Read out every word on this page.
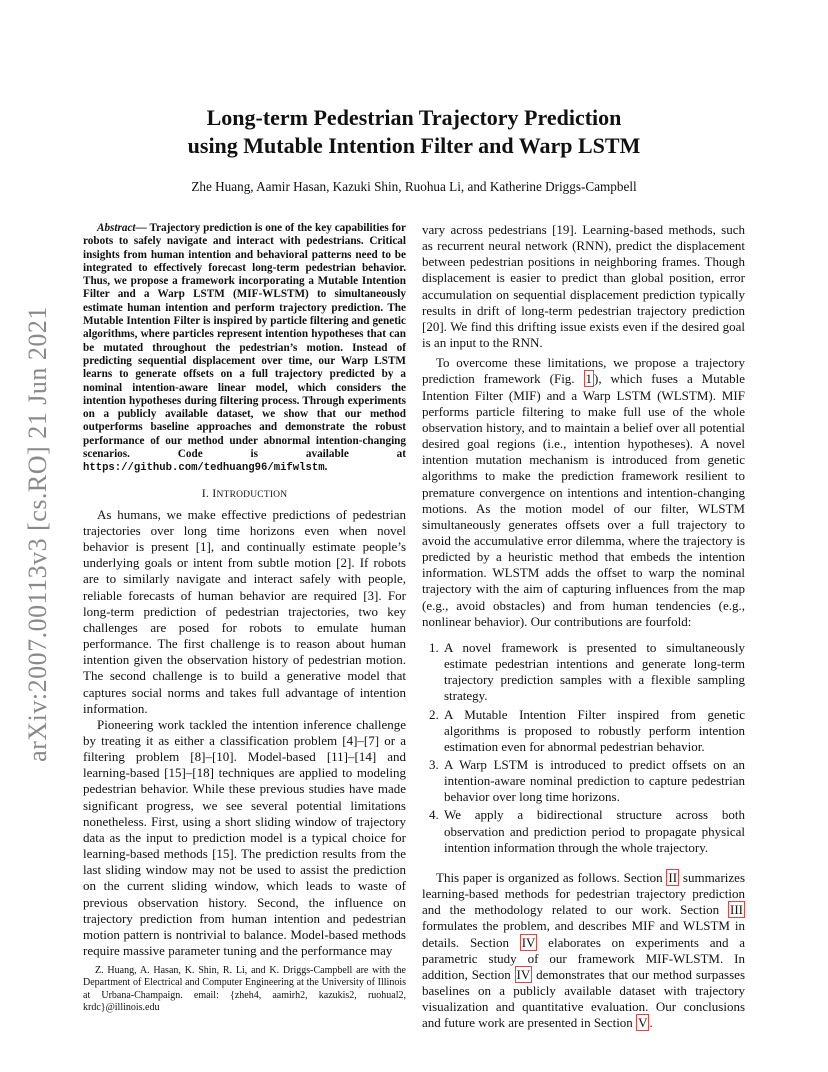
arXiv:2007.00113v3 [cs.RO] 21 Jun 2021
Long-term Pedestrian Trajectory Prediction
using Mutable Intention Filter and Warp LSTM
Zhe Huang, Aamir Hasan, Kazuki Shin, Ruohua Li, and Katherine Driggs-Campbell

Abstract— Trajectory prediction is one of the key capabilities for robots to safely navigate and interact with pedestrians. Critical insights from human intention and behavioral patterns need to be integrated to effectively forecast long-term pedestrian behavior. Thus, we propose a framework incorporating a Mutable Intention Filter and a Warp LSTM (MIF-WLSTM) to simultaneously estimate human intention and perform trajectory prediction. The Mutable Intention Filter is inspired by particle filtering and genetic algorithms, where particles represent intention hypotheses that can be mutated throughout the pedestrian’s motion. Instead of predicting sequential displacement over time, our Warp LSTM learns to generate offsets on a full trajectory predicted by a nominal intention-aware linear model, which considers the intention hypotheses during filtering process. Through experiments on a publicly available dataset, we show that our method outperforms baseline approaches and demonstrate the robust performance of our method under abnormal intention-changing scenarios. Code is available at https://github.com/tedhuang96/mifwlstm.

I. INTRODUCTION

As humans, we make effective predictions of pedestrian trajectories over long time horizons even when novel behavior is present [1], and continually estimate people’s underlying goals or intent from subtle motion [2]. If robots are to similarly navigate and interact safely with people, reliable forecasts of human behavior are required [3]. For long-term prediction of pedestrian trajectories, two key challenges are posed for robots to emulate human performance. The first challenge is to reason about human intention given the observation history of pedestrian motion. The second challenge is to build a generative model that captures social norms and takes full advantage of intention information.

Pioneering work tackled the intention inference challenge by treating it as either a classification problem [4]–[7] or a filtering problem [8]–[10]. Model-based [11]–[14] and learning-based [15]–[18] techniques are applied to modeling pedestrian behavior. While these previous studies have made significant progress, we see several potential limitations nonetheless. First, using a short sliding window of trajectory data as the input to prediction model is a typical choice for learning-based methods [15]. The prediction results from the last sliding window may not be used to assist the prediction on the current sliding window, which leads to waste of previous observation history. Second, the influence on trajectory prediction from human intention and pedestrian motion pattern is nontrivial to balance. Model-based methods require massive parameter tuning and the performance may

Z. Huang, A. Hasan, K. Shin, R. Li, and K. Driggs-Campbell are with the Department of Electrical and Computer Engineering at the University of Illinois at Urbana-Champaign. email: {zheh4, aamirh2, kazukis2, ruohual2, krdc}@illinois.edu

vary across pedestrians [19]. Learning-based methods, such as recurrent neural network (RNN), predict the displacement between pedestrian positions in neighboring frames. Though displacement is easier to predict than global position, error accumulation on sequential displacement prediction typically results in drift of long-term pedestrian trajectory prediction [20]. We find this drifting issue exists even if the desired goal is an input to the RNN.

To overcome these limitations, we propose a trajectory prediction framework (Fig. 1 ), which fuses a Mutable Intention Filter (MIF) and a Warp LSTM (WLSTM). MIF performs particle filtering to make full use of the whole observation history, and to maintain a belief over all potential desired goal regions (i.e., intention hypotheses). A novel intention mutation mechanism is introduced from genetic algorithms to make the prediction framework resilient to premature convergence on intentions and intention-changing motions. As the motion model of our filter, WLSTM simultaneously generates offsets over a full trajectory to avoid the accumulative error dilemma, where the trajectory is predicted by a heuristic method that embeds the intention information. WLSTM adds the offset to warp the nominal trajectory with the aim of capturing influences from the map (e.g., avoid obstacles) and from human tendencies (e.g., nonlinear behavior). Our contributions are fourfold:

1. A novel framework is presented to simultaneously estimate pedestrian intentions and generate long-term trajectory prediction samples with a flexible sampling strategy.
2. A Mutable Intention Filter inspired from genetic algorithms is proposed to robustly perform intention estimation even for abnormal pedestrian behavior.
3. A Warp LSTM is introduced to predict offsets on an intention-aware nominal prediction to capture pedestrian behavior over long time horizons.
4. We apply a bidirectional structure across both observation and prediction period to propagate physical intention information through the whole trajectory.

This paper is organized as follows. Section II summarizes learning-based methods for pedestrian trajectory prediction and the methodology related to our work. Section III formulates the problem, and describes MIF and WLSTM in details. Section IV elaborates on experiments and a parametric study of our framework MIF-WLSTM. In addition, Section IV demonstrates that our method surpasses baselines on a publicly available dataset with trajectory visualization and quantitative evaluation. Our conclusions and future work are presented in Section V .
